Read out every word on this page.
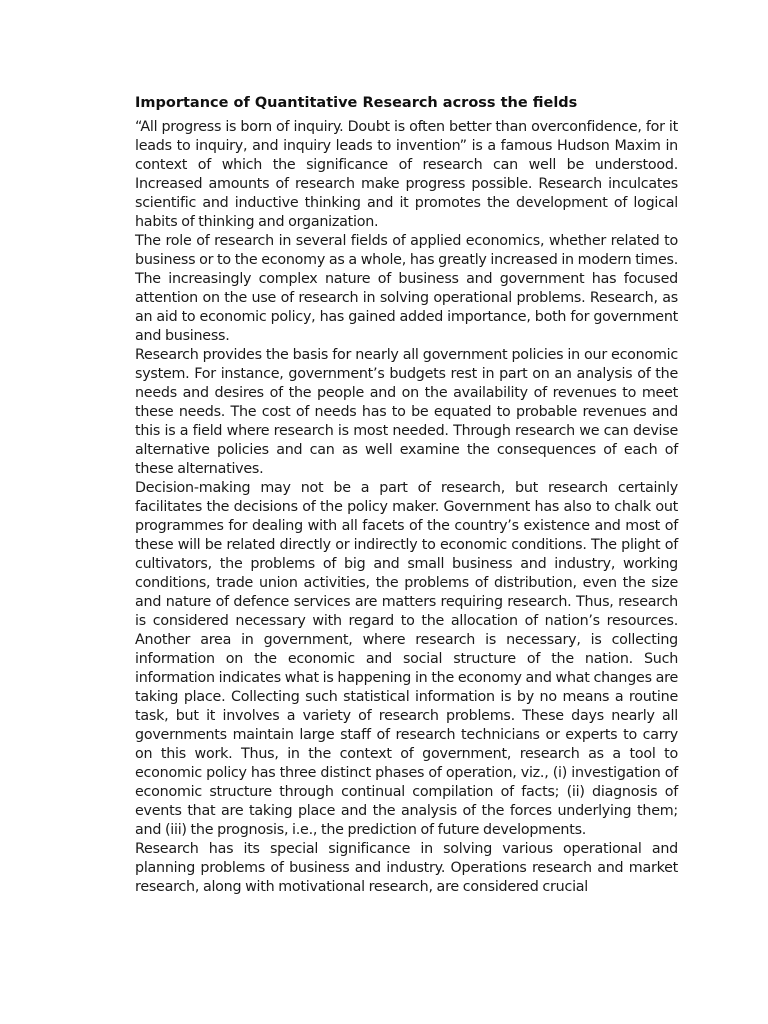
Importance of Quantitative Research across the fields

“All progress is born of inquiry. Doubt is often better than overconfidence, for it leads to inquiry, and inquiry leads to invention” is a famous Hudson Maxim in context of which the significance of research can well be understood. Increased amounts of research make progress possible. Research inculcates scientific and inductive thinking and it promotes the development of logical habits of thinking and organization.

The role of research in several fields of applied economics, whether related to business or to the economy as a whole, has greatly increased in modern times. The increasingly complex nature of business and government has focused attention on the use of research in solving operational problems. Research, as an aid to economic policy, has gained added importance, both for government and business.

Research provides the basis for nearly all government policies in our economic system. For instance, government’s budgets rest in part on an analysis of the needs and desires of the people and on the availability of revenues to meet these needs. The cost of needs has to be equated to probable revenues and this is a field where research is most needed. Through research we can devise alternative policies and can as well examine the consequences of each of these alternatives.

Decision-making may not be a part of research, but research certainly facilitates the decisions of the policy maker. Government has also to chalk out programmes for dealing with all facets of the country’s existence and most of these will be related directly or indirectly to economic conditions. The plight of cultivators, the problems of big and small business and industry, working conditions, trade union activities, the problems of distribution, even the size and nature of defence services are matters requiring research. Thus, research is considered necessary with regard to the allocation of nation’s resources. Another area in government, where research is necessary, is collecting information on the economic and social structure of the nation. Such information indicates what is happening in the economy and what changes are taking place. Collecting such statistical information is by no means a routine task, but it involves a variety of research problems. These days nearly all governments maintain large staff of research technicians or experts to carry on this work. Thus, in the context of government, research as a tool to economic policy has three distinct phases of operation, viz., (i) investigation of economic structure through continual compilation of facts; (ii) diagnosis of events that are taking place and the analysis of the forces underlying them; and (iii) the prognosis, i.e., the prediction of future developments.

Research has its special significance in solving various operational and planning problems of business and industry. Operations research and market research, along with motivational research, are considered crucial
